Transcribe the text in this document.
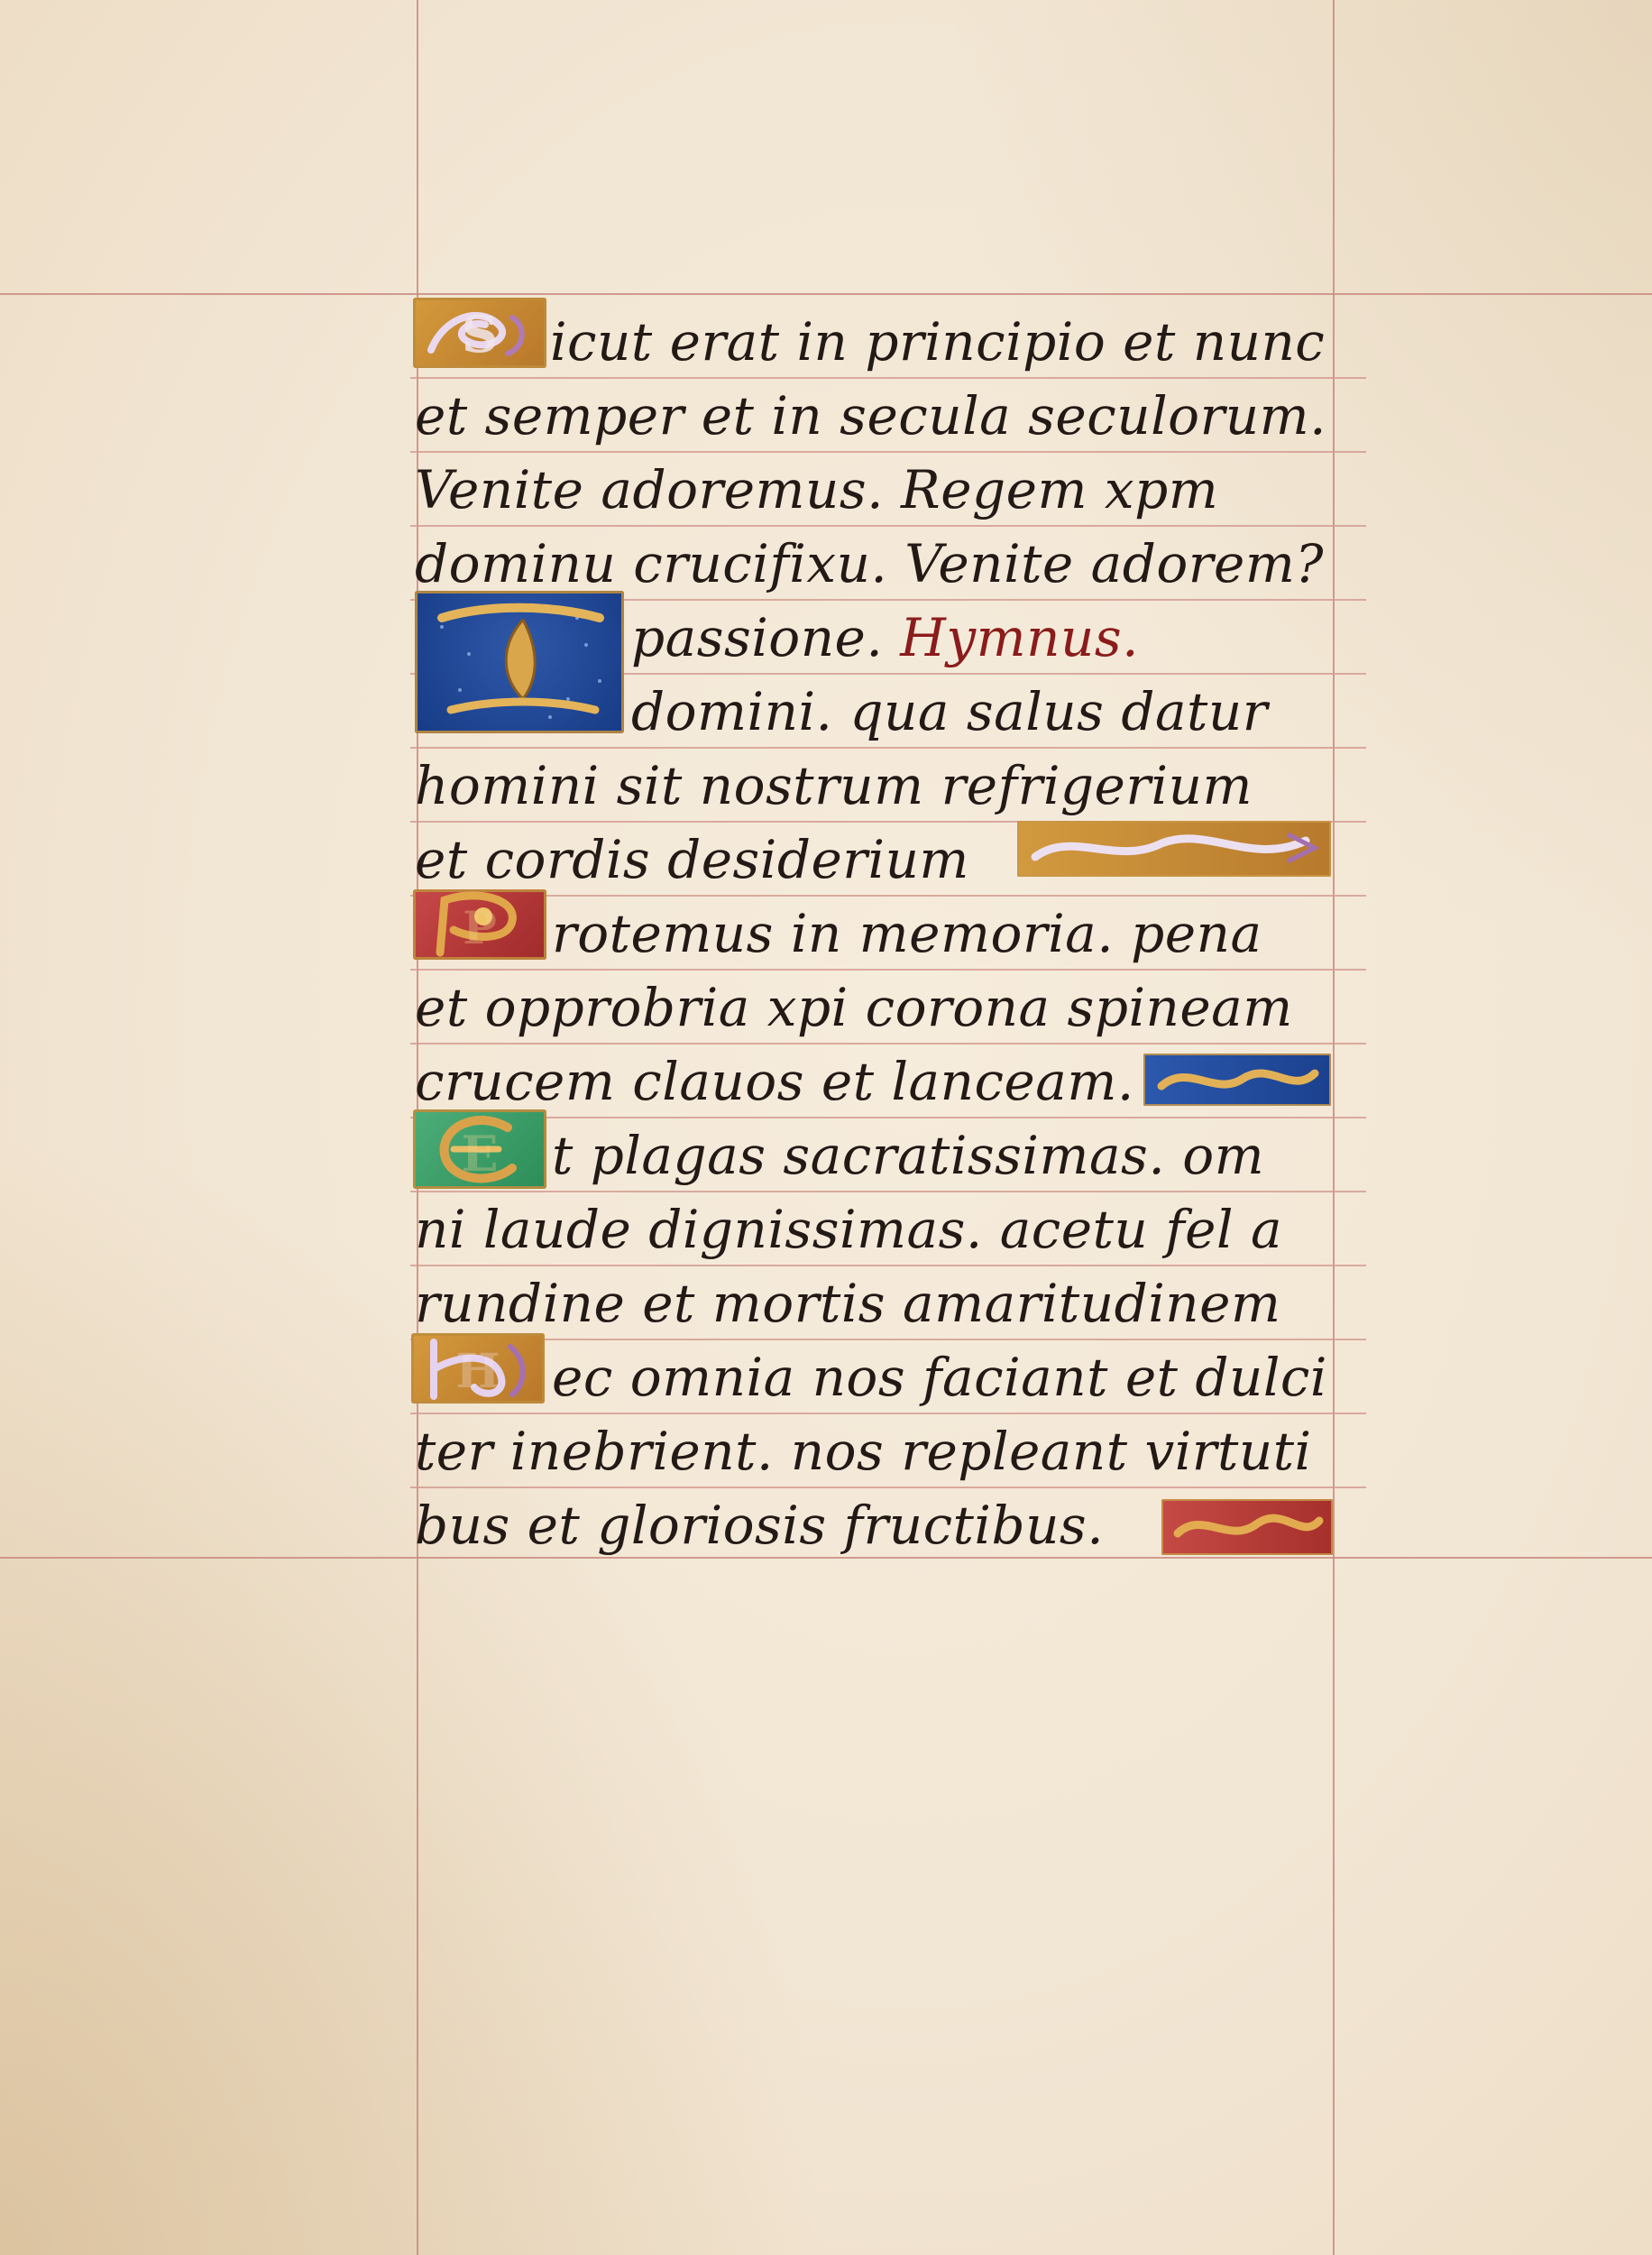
S
P
E
H
icut erat in principio et nunc
et semper et in secula seculorum.
Venite adoremus. Regem xpm
dominu crucifixu. Venite adorem?
passione. Hymnus.
domini. qua salus datur
homini sit nostrum refrigerium
et cordis desiderium
rotemus in memoria. pena
et opprobria xpi corona spineam
crucem clauos et lanceam.
t plagas sacratissimas. om
ni laude dignissimas. acetu fel a
rundine et mortis amaritudinem
ec omnia nos faciant et dulci
ter inebrient. nos repleant virtuti
bus et gloriosis fructibus.
